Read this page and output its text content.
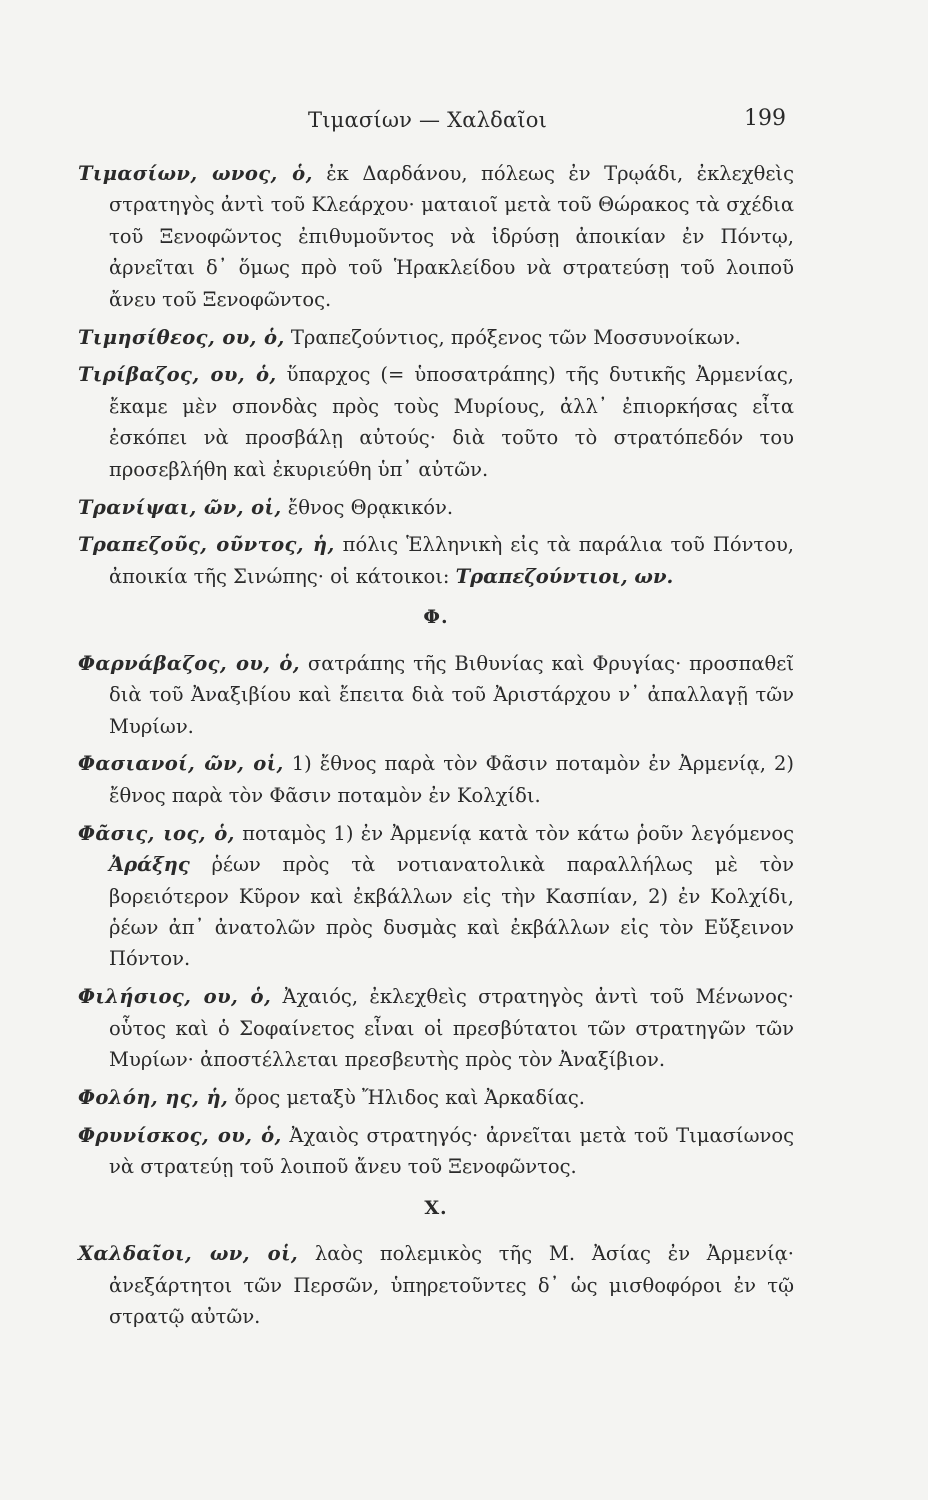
Τιμασίων — Χαλδαῖοι	199

Τιμασίων, ωνος, ὁ, ἐκ Δαρδάνου, πόλεως ἐν Τρῳάδι, ἐκλεχθεὶς στρατηγὸς ἀντὶ τοῦ Κλεάρχου· ματαιοῖ μετὰ τοῦ Θώρακος τὰ σχέδια τοῦ Ξενοφῶντος ἐπιθυμοῦντος νὰ ἱδρύσῃ ἀποικίαν ἐν Πόντῳ, ἀρνεῖται δ᾿ ὅμως πρὸ τοῦ Ἡρακλείδου νὰ στρατεύσῃ τοῦ λοιποῦ ἄνευ τοῦ Ξενοφῶντος.

Τιμησίθεος, ου, ὁ, Τραπεζούντιος, πρόξενος τῶν Μοσσυνοίκων.

Τιρίβαζος, ου, ὁ, ὕπαρχος (= ὑποσατράπης) τῆς δυτικῆς Ἀρμενίας, ἔκαμε μὲν σπονδὰς πρὸς τοὺς Μυρίους, ἀλλ᾿ ἐπιορκήσας εἶτα ἐσκόπει νὰ προσβάλῃ αὐτούς· διὰ τοῦτο τὸ στρατόπεδόν του προσεβλήθη καὶ ἐκυριεύθη ὑπ᾿ αὐτῶν.

Τρανίψαι, ῶν, οἱ, ἔθνος Θρᾳκικόν.

Τραπεζοῦς, οῦντος, ἡ, πόλις Ἑλληνικὴ εἰς τὰ παράλια τοῦ Πόντου, ἀποικία τῆς Σινώπης· οἱ κάτοικοι: Τραπεζούντιοι, ων.

Φ.

Φαρνάβαζος, ου, ὁ, σατράπης τῆς Βιθυνίας καὶ Φρυγίας· προσπαθεῖ διὰ τοῦ Ἀναξιβίου καὶ ἔπειτα διὰ τοῦ Ἀριστάρχου ν᾿ ἀπαλλαγῇ τῶν Μυρίων.

Φασιανοί, ῶν, οἱ, 1) ἔθνος παρὰ τὸν Φᾶσιν ποταμὸν ἐν Ἀρμενίᾳ, 2) ἔθνος παρὰ τὸν Φᾶσιν ποταμὸν ἐν Κολχίδι.

Φᾶσις, ιος, ὁ, ποταμὸς 1) ἐν Ἀρμενίᾳ κατὰ τὸν κάτω ῥοῦν λεγόμενος Ἀράξης ῥέων πρὸς τὰ νοτιανατολικὰ παραλλήλως μὲ τὸν βορειότερον Κῦρον καὶ ἐκβάλλων εἰς τὴν Κασπίαν, 2) ἐν Κολχίδι, ῥέων ἀπ᾿ ἀνατολῶν πρὸς δυσμὰς καὶ ἐκβάλλων εἰς τὸν Εὔξεινον Πόντον.

Φιλήσιος, ου, ὁ, Ἀχαιός, ἐκλεχθεὶς στρατηγὸς ἀντὶ τοῦ Μένωνος· οὗτος καὶ ὁ Σοφαίνετος εἶναι οἱ πρεσβύτατοι τῶν στρατηγῶν τῶν Μυρίων· ἀποστέλλεται πρεσβευτὴς πρὸς τὸν Ἀναξίβιον.

Φολόη, ης, ἡ, ὄρος μεταξὺ Ἤλιδος καὶ Ἀρκαδίας.

Φρυνίσκος, ου, ὁ, Ἀχαιὸς στρατηγός· ἀρνεῖται μετὰ τοῦ Τιμασίωνος νὰ στρατεύῃ τοῦ λοιποῦ ἄνευ τοῦ Ξενοφῶντος.

Χ.

Χαλδαῖοι, ων, οἱ, λαὸς πολεμικὸς τῆς Μ. Ἀσίας ἐν Ἀρμενίᾳ· ἀνεξάρτητοι τῶν Περσῶν, ὑπηρετοῦντες δ᾿ ὡς μισθοφόροι ἐν τῷ στρατῷ αὐτῶν.
